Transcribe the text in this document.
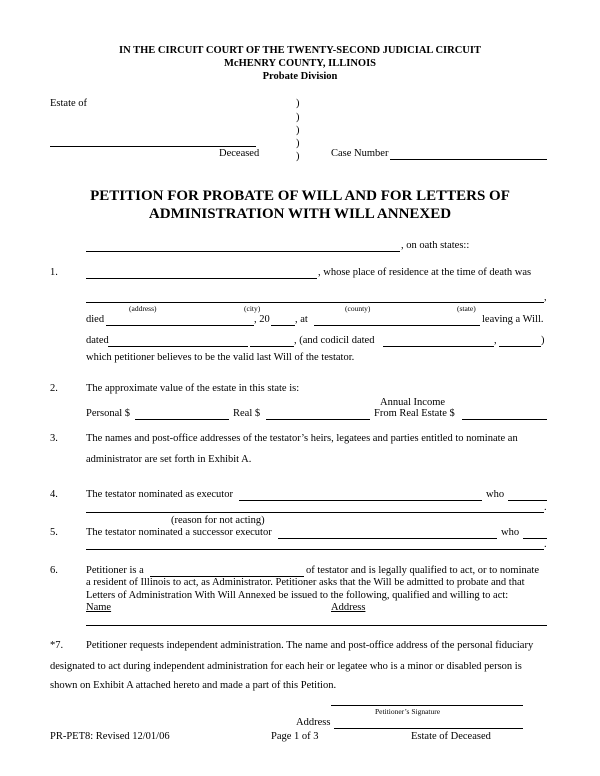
IN THE CIRCUIT COURT OF THE TWENTY-SECOND JUDICIAL CIRCUIT
McHENRY COUNTY, ILLINOIS
Probate Division
Estate of	)
)
)
)
)
Deceased	Case Number
PETITION FOR PROBATE OF WILL AND FOR LETTERS OF
ADMINISTRATION WITH WILL ANNEXED
, on oath states::
1.	, whose place of residence at the time of death was
,
(address)	(city)	(county)	(state)
died	, 20 , at	leaving a Will.
dated	, (and codicil dated	,	)
which petitioner believes to be the valid last Will of the testator.
2.	The approximate value of the estate in this state is:
Annual Income
Personal $	Real $	From Real Estate $
3.	The names and post-office addresses of the testator’s heirs, legatees and parties entitled to nominate an
administrator are set forth in Exhibit A.
4.	The testator nominated as executor	who
.
(reason for not acting)
5.	The testator nominated a successor executor	who
.
6.	Petitioner is a	of testator and is legally qualified to act, or to nominate
a resident of Illinois to act, as Administrator. Petitioner asks that the Will be admitted to probate and that
Letters of Administration With Will Annexed be issued to the following, qualified and willing to act:
Name	Address
*7. Petitioner requests independent administration. The name and post-office address of the personal fiduciary
designated to act during independent administration for each heir or legatee who is a minor or disabled person is
shown on Exhibit A attached hereto and made a part of this Petition.
Petitioner’s Signature
Address
PR-PET8: Revised 12/01/06	Page 1 of 3	Estate of Deceased
